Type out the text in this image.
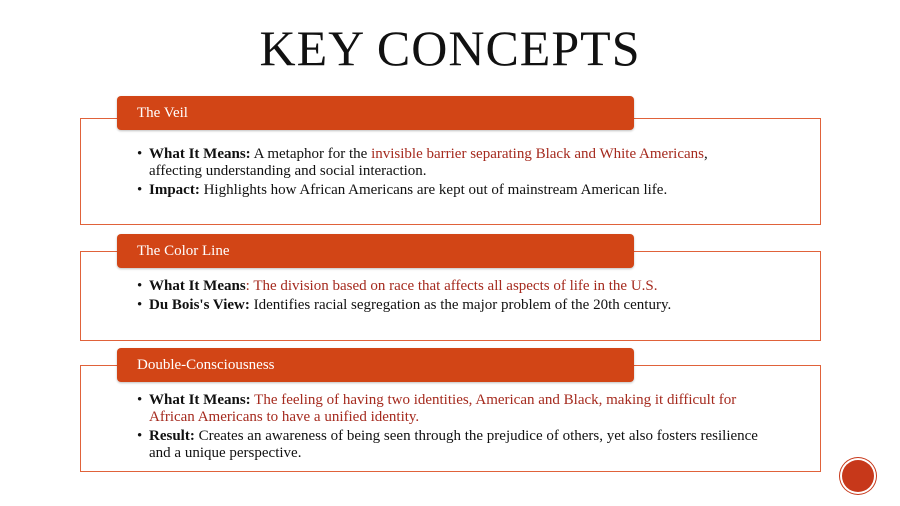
KEY CONCEPTS
The Veil
• What It Means: A metaphor for the invisible barrier separating Black and White Americans, affecting understanding and social interaction.
• Impact: Highlights how African Americans are kept out of mainstream American life.
The Color Line
• What It Means: The division based on race that affects all aspects of life in the U.S.
• Du Bois's View: Identifies racial segregation as the major problem of the 20th century.
Double-Consciousness
• What It Means: The feeling of having two identities, American and Black, making it difficult for African Americans to have a unified identity.
• Result: Creates an awareness of being seen through the prejudice of others, yet also fosters resilience and a unique perspective.
